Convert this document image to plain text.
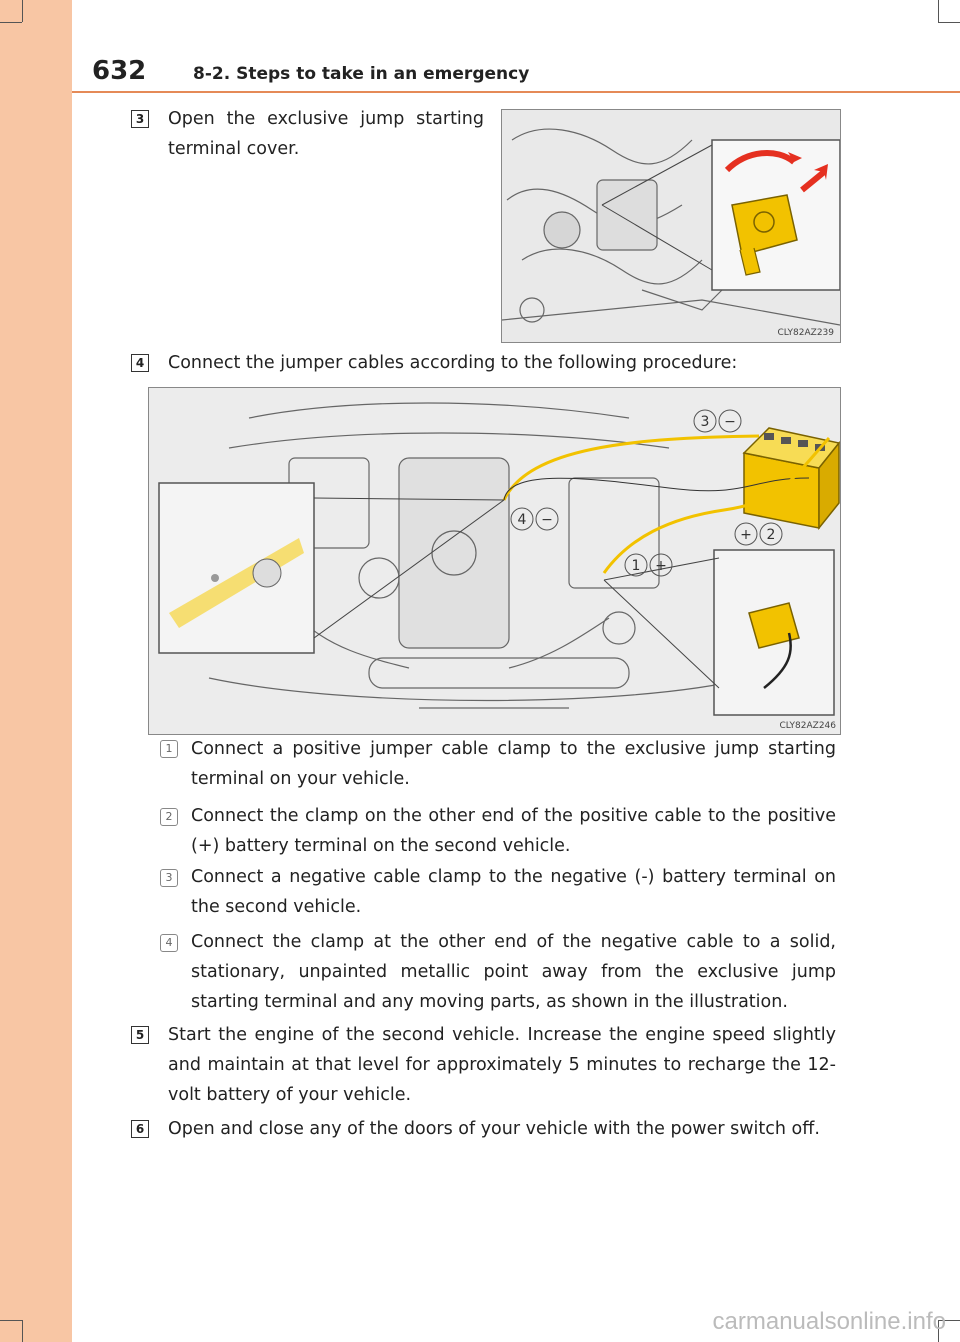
632	8-2. Steps to take in an emergency
3 Open the exclusive jump starting terminal cover.
CLY82AZ239
4 Connect the jumper cables according to the following procedure:
3 −
4 −
+ 2
1 +
CLY82AZ246
1	Connect a positive jumper cable clamp to the exclusive jump starting terminal on your vehicle.
2	Connect the clamp on the other end of the positive cable to the positive (+) battery terminal on the second vehicle.
3	Connect a negative cable clamp to the negative (-) battery terminal on the second vehicle.
4	Connect the clamp at the other end of the negative cable to a solid, stationary, unpainted metallic point away from the exclusive jump starting terminal and any moving parts, as shown in the illustration.
5 Start the engine of the second vehicle. Increase the engine speed slightly and maintain at that level for approximately 5 minutes to recharge the 12-volt battery of your vehicle.
6 Open and close any of the doors of your vehicle with the power switch off.
carmanualsonline.info
